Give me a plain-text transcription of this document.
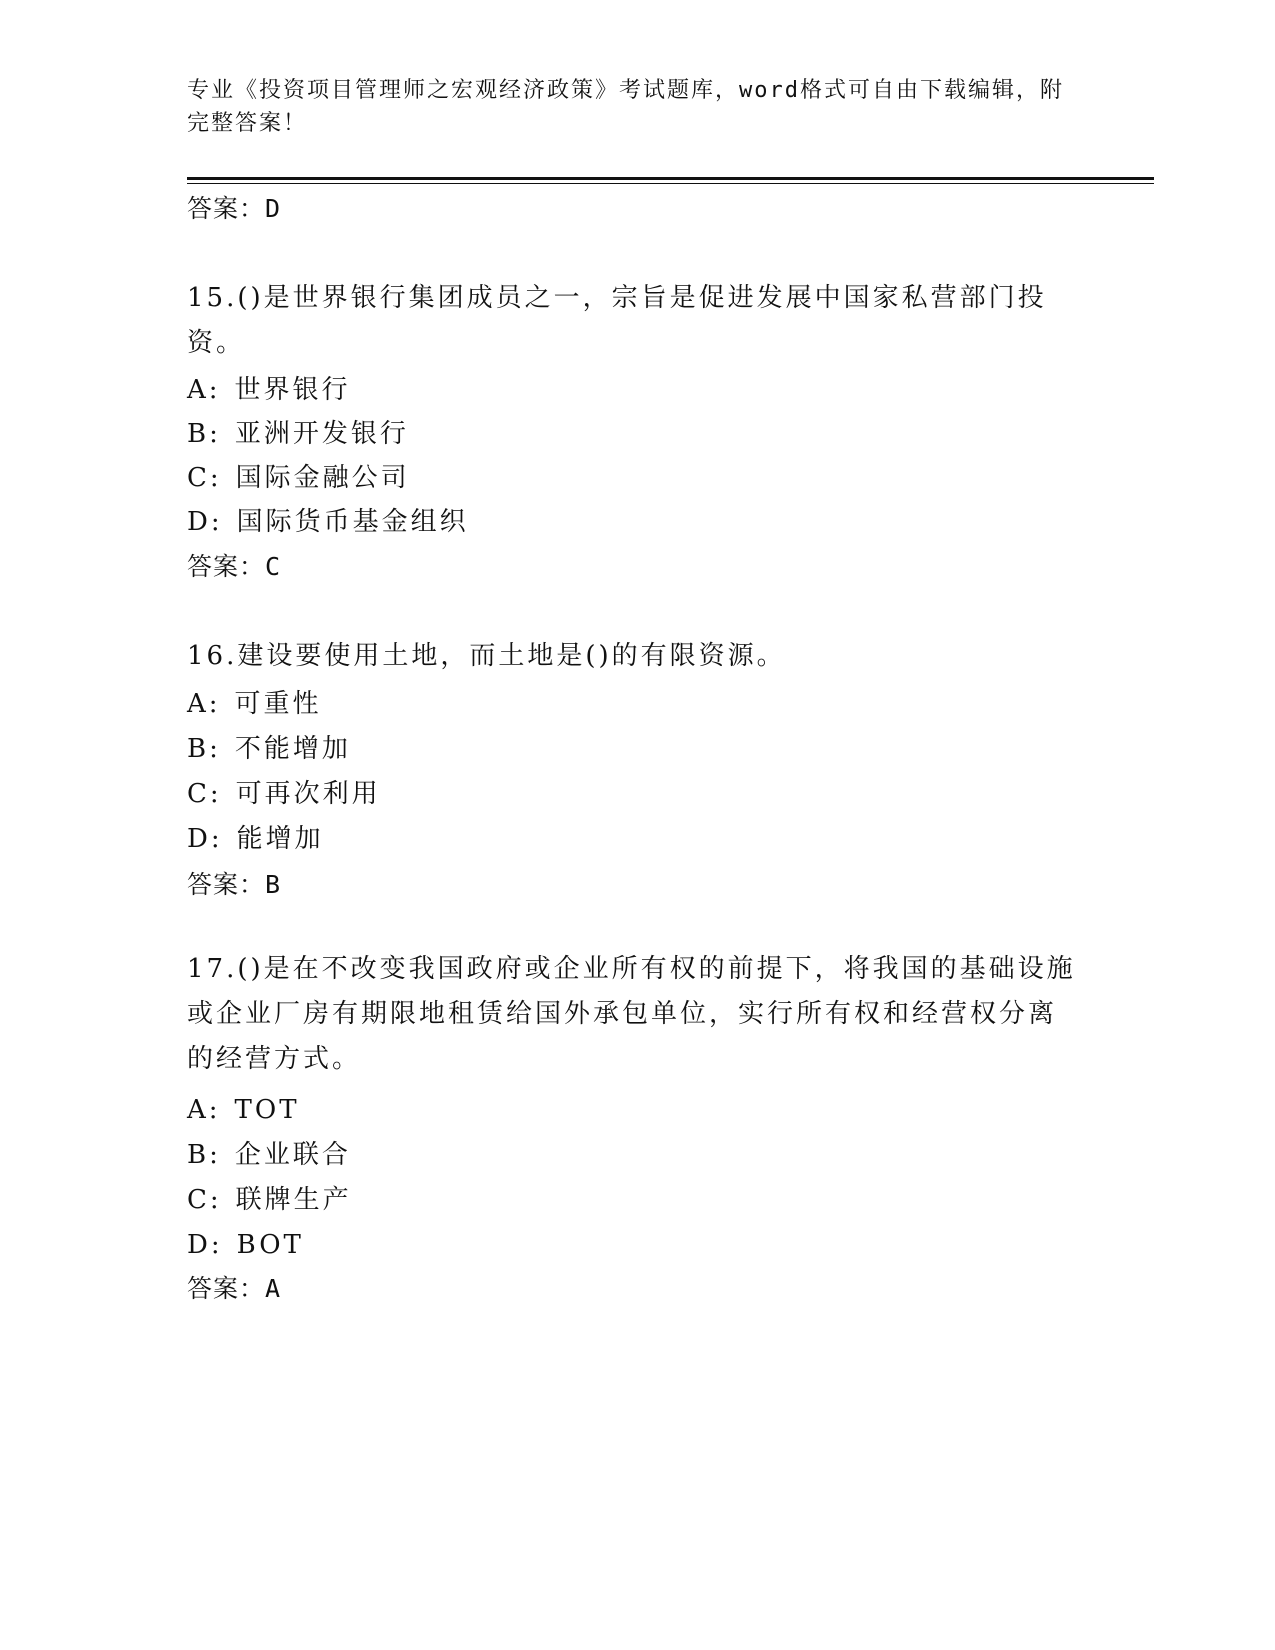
专业《投资项目管理师之宏观经济政策》考试题库，word格式可自由下载编辑，附完整答案！
答案：D
15.()是世界银行集团成员之一，宗旨是促进发展中国家私营部门投资。
A: 世界银行
B: 亚洲开发银行
C: 国际金融公司
D: 国际货币基金组织
答案：C
16.建设要使用土地，而土地是()的有限资源。
A: 可重性
B: 不能增加
C: 可再次利用
D: 能增加
答案：B
17.()是在不改变我国政府或企业所有权的前提下，将我国的基础设施或企业厂房有期限地租赁给国外承包单位，实行所有权和经营权分离的经营方式。
A: TOT
B: 企业联合
C: 联牌生产
D: BOT
答案：A
